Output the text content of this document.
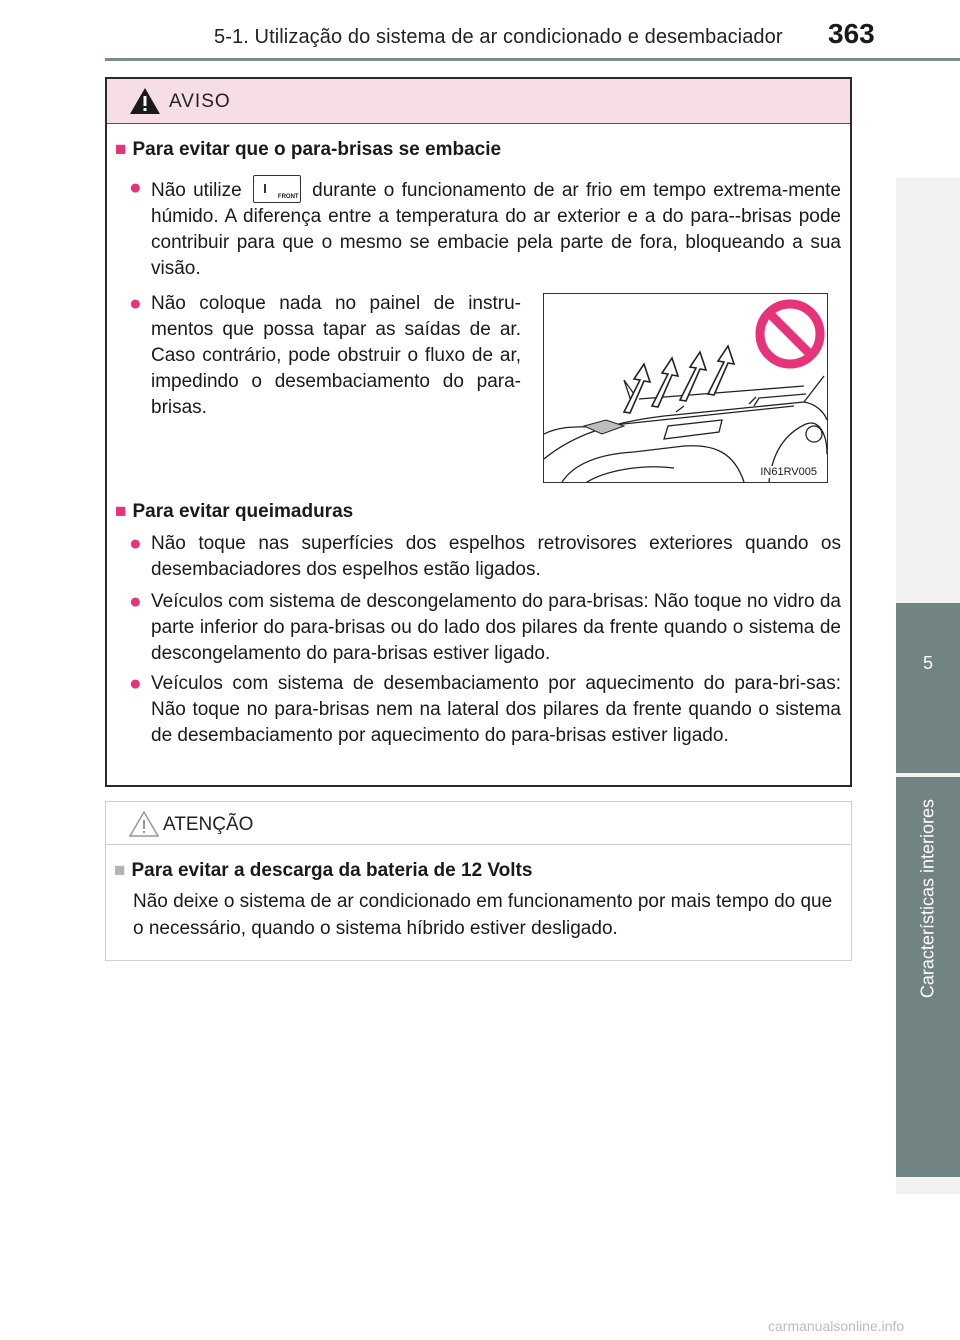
5-1. Utilização do sistema de ar condicionado e desembaciador 363
5
Características interiores
AVISO
■ Para evitar que o para-brisas se embacie
● Não utilize	FRONT durante o funcionamento de ar frio em tempo extrema-mente húmido. A diferença entre a temperatura do ar exterior e a do para--brisas pode contribuir para que o mesmo se embacie pela parte de fora, bloqueando a sua visão.
● Não coloque nada no painel de instru-mentos que possa tapar as saídas de ar. Caso contrário, pode obstruir o fluxo de ar, impedindo o desembaciamento do para-brisas.
IN61RV005
■ Para evitar queimaduras
● Não toque nas superfícies dos espelhos retrovisores exteriores quando os desembaciadores dos espelhos estão ligados.
● Veículos com sistema de descongelamento do para-brisas: Não toque no vidro da parte inferior do para-brisas ou do lado dos pilares da frente quando o sistema de descongelamento do para-brisas estiver ligado.
● Veículos com sistema de desembaciamento por aquecimento do para-bri-sas: Não toque no para-brisas nem na lateral dos pilares da frente quando o sistema de desembaciamento por aquecimento do para-brisas estiver ligado.
ATENÇÃO
■ Para evitar a descarga da bateria de 12 Volts
Não deixe o sistema de ar condicionado em funcionamento por mais tempo do que o necessário, quando o sistema híbrido estiver desligado.
carmanualsonline.info
